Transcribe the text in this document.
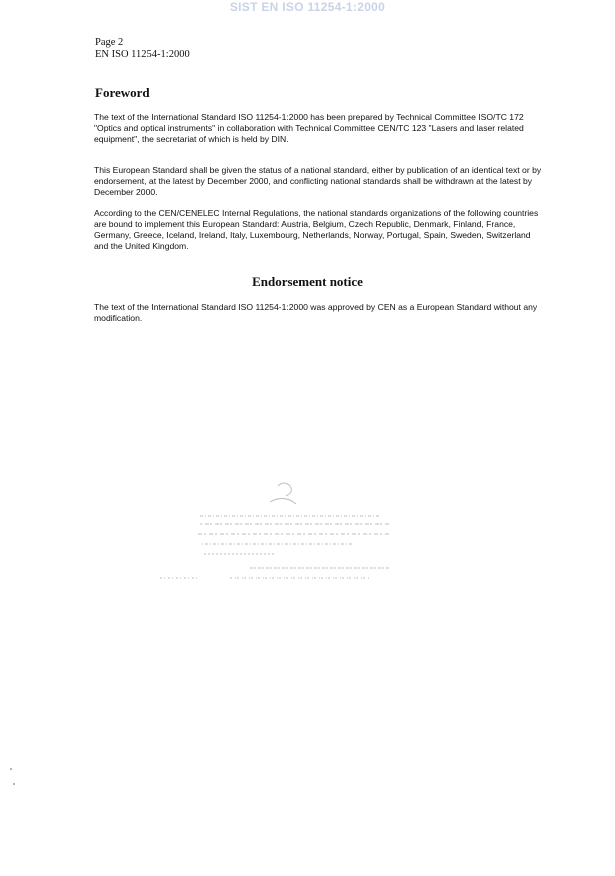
SIST EN ISO 11254-1:2000
Page 2
EN ISO 11254-1:2000
Foreword

The text of the International Standard ISO 11254-1:2000 has been prepared by Technical Committee ISO/TC 172 "Optics and optical instruments" in collaboration with Technical Committee CEN/TC 123 "Lasers and laser related equipment", the secretariat of which is held by DIN.

This European Standard shall be given the status of a national standard, either by publication of an identical text or by endorsement, at the latest by December 2000, and conflicting national standards shall be withdrawn at the latest by December 2000.

According to the CEN/CENELEC Internal Regulations, the national standards organizations of the following countries are bound to implement this European Standard: Austria, Belgium, Czech Republic, Denmark, Finland, France, Germany, Greece, Iceland, Ireland, Italy, Luxembourg, Netherlands, Norway, Portugal, Spain, Sweden, Switzerland and the United Kingdom.

Endorsement notice

The text of the International Standard ISO 11254-1:2000 was approved by CEN as a European Standard without any modification.
